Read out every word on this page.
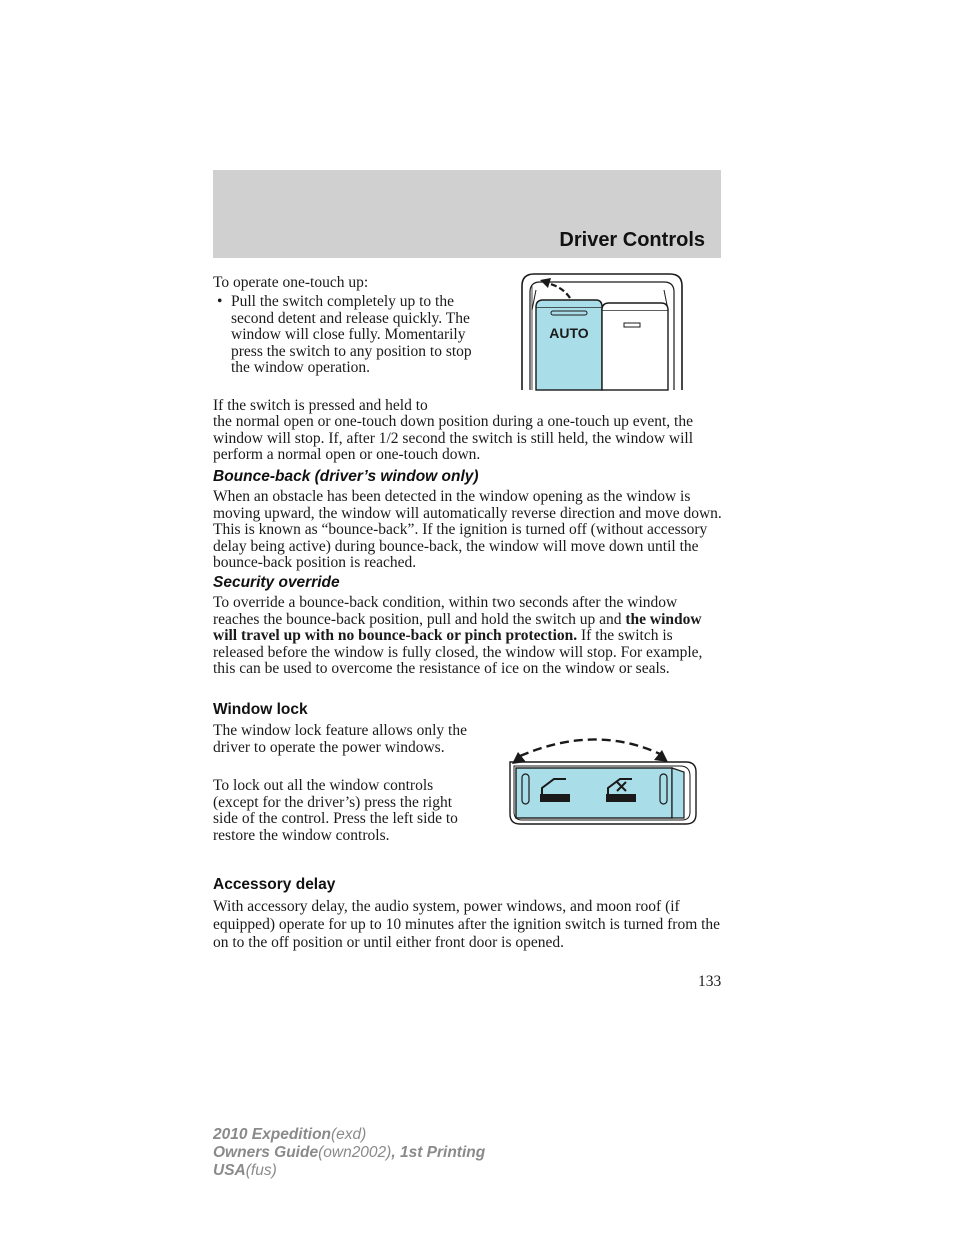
Driver Controls
To operate one-touch up:
• Pull the switch completely up to the second detent and release quickly. The window will close fully. Momentarily press the switch to any position to stop the window operation.
If the switch is pressed and held to
the normal open or one-touch down position during a one-touch up event, the window will stop. If, after 1/2 second the switch is still held, the window will perform a normal open or one-touch down.
AUTO
Bounce-back (driver’s window only)
When an obstacle has been detected in the window opening as the window is moving upward, the window will automatically reverse direction and move down. This is known as “bounce-back”. If the ignition is turned off (without accessory delay being active) during bounce-back, the window will move down until the bounce-back position is reached.
Security override
To override a bounce-back condition, within two seconds after the window reaches the bounce-back position, pull and hold the switch up and the window will travel up with no bounce-back or pinch protection. If the switch is released before the window is fully closed, the window will stop. For example, this can be used to overcome the resistance of ice on the window or seals.
Window lock
The window lock feature allows only the driver to operate the power windows.
To lock out all the window controls (except for the driver’s) press the right side of the control. Press the left side to restore the window controls.
Accessory delay
With accessory delay, the audio system, power windows, and moon roof (if equipped) operate for up to 10 minutes after the ignition switch is turned from the on to the off position or until either front door is opened.
133
2010 Expedition(exd)
Owners Guide(own2002), 1st Printing
USA(fus)
